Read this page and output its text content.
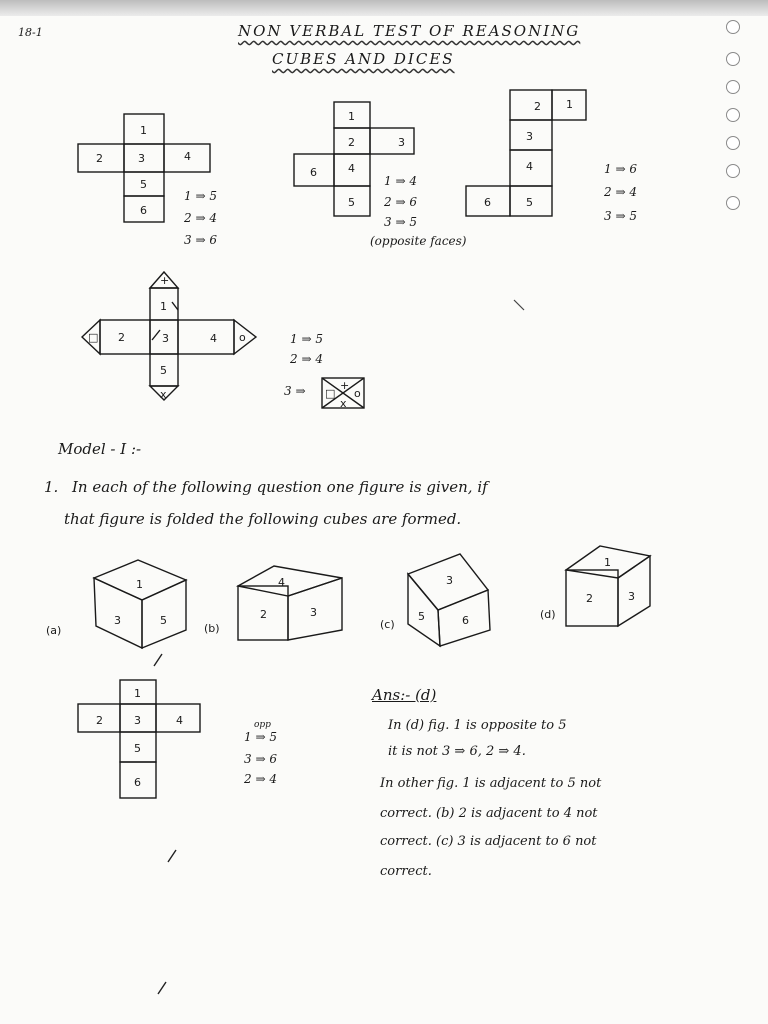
18-1	NON VERBAL TEST OF REASONING
CUBES AND DICES
1
2	3	4
5
6
1 ⇒ 5
2 ⇒ 4
3 ⇒ 6
1
2	3
6	4
5
1 ⇒ 4
2 ⇒ 6
3 ⇒ 5
(opposite faces)
2 1
3
4
6	5
1 ⇒ 6
2 ⇒ 4
3 ⇒ 5
+
1
2	3	4
5
□	o
x
1 ⇒ 5
2 ⇒ 4
3 ⇒	+
□ o
x
Model - I :-
1. In each of the following question one figure is given, if
that figure is folded the following cubes are formed.
1
3	5
(a)
4
2	3
(b)
3
5	6
(c)
1
2	3
(d)
1
2	3	4
5
6
opp
1 ⇒ 5
3 ⇒ 6
2 ⇒ 4
Ans:- (d)
In (d) fig. 1 is opposite to 5
it is not 3 ⇒ 6, 2 ⇒ 4.
In other fig. 1 is adjacent to 5 not
correct. (b) 2 is adjacent to 4 not
correct. (c) 3 is adjacent to 6 not
correct.
